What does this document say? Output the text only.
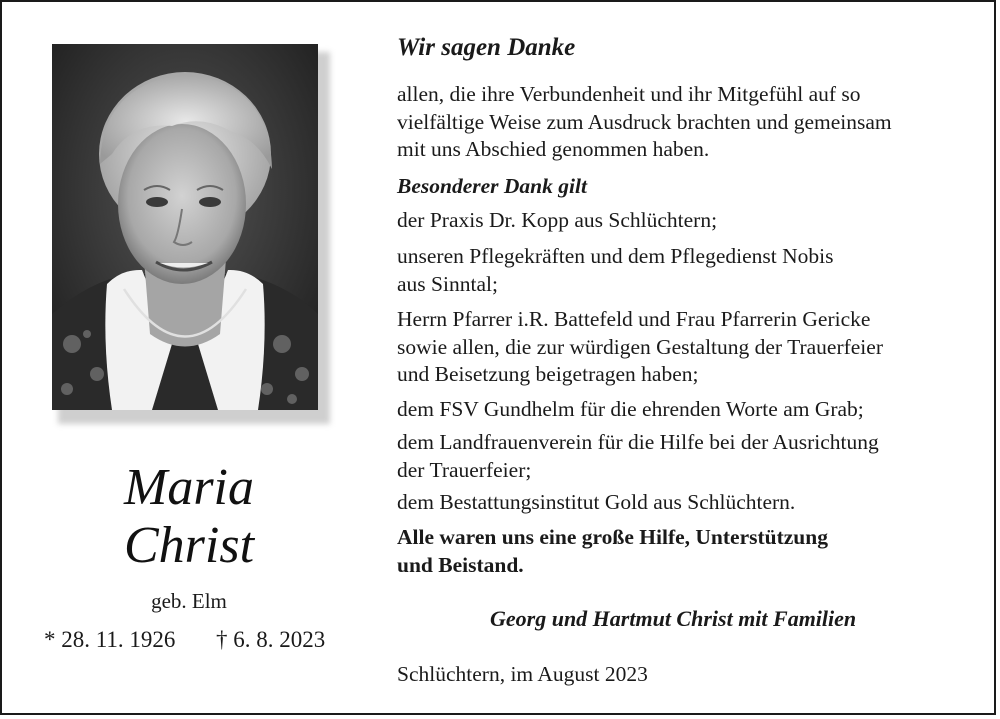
Maria
Christ
geb. Elm
* 28. 11. 1926 † 6. 8. 2023
Wir sagen Danke
allen, die ihre Verbundenheit und ihr Mitgefühl auf so
vielfältige Weise zum Ausdruck brachten und gemeinsam
mit uns Abschied genommen haben.
Besonderer Dank gilt
der Praxis Dr. Kopp aus Schlüchtern;
unseren Pflegekräften und dem Pflegedienst Nobis
aus Sinntal;
Herrn Pfarrer i.R. Battefeld und Frau Pfarrerin Gericke
sowie allen, die zur würdigen Gestaltung der Trauerfeier
und Beisetzung beigetragen haben;
dem FSV Gundhelm für die ehrenden Worte am Grab;
dem Landfrauenverein für die Hilfe bei der Ausrichtung
der Trauerfeier;
dem Bestattungsinstitut Gold aus Schlüchtern.
Alle waren uns eine große Hilfe, Unterstützung
und Beistand.
Georg und Hartmut Christ mit Familien
Schlüchtern, im August 2023
